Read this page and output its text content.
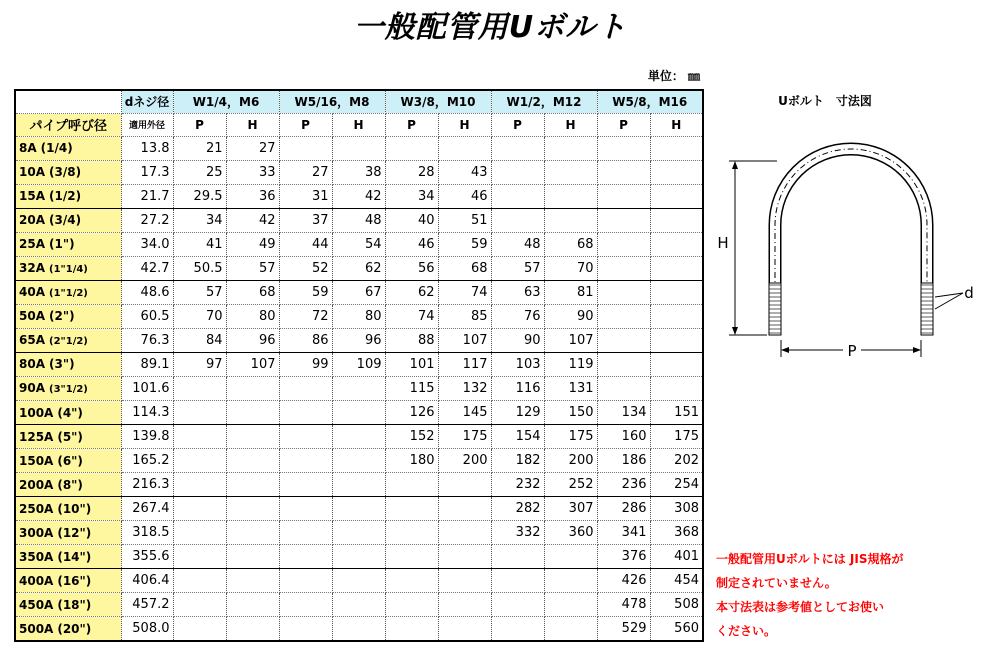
一般配管用Uボルト
単位： ㎜
	dネジ径	W1/4，M6		W5/16，M8		W3/8，M10		W1/2，M12		W5/8，M16	
パイプ呼び径	適用外径	P	H	P	H	P	H	P	H	P	H
8A (1/4)	13.8	21	27								
10A (3/8)	17.3	25	33	27	38	28	43				
15A (1/2)	21.7	29.5	36	31	42	34	46				
20A (3/4)	27.2	34	42	37	48	40	51				
25A (1")	34.0	41	49	44	54	46	59	48	68		
32A (1"1/4)	42.7	50.5	57	52	62	56	68	57	70		
40A (1"1/2)	48.6	57	68	59	67	62	74	63	81		
50A (2")	60.5	70	80	72	80	74	85	76	90		
65A (2"1/2)	76.3	84	96	86	96	88	107	90	107		
80A (3")	89.1	97	107	99	109	101	117	103	119		
90A (3"1/2)	101.6					115	132	116	131		
100A (4")	114.3					126	145	129	150	134	151
125A (5")	139.8					152	175	154	175	160	175
150A (6")	165.2					180	200	182	200	186	202
200A (8")	216.3							232	252	236	254
250A (10")	267.4							282	307	286	308
300A (12")	318.5							332	360	341	368
350A (14")	355.6									376	401
400A (16")	406.4									426	454
450A (18")	457.2									478	508
500A (20")	508.0									529	560
Uボルト　寸法図
H
d
P
一般配管用Uボルトには JIS規格が
制定されていません。
本寸法表は参考値としてお使い
ください。
